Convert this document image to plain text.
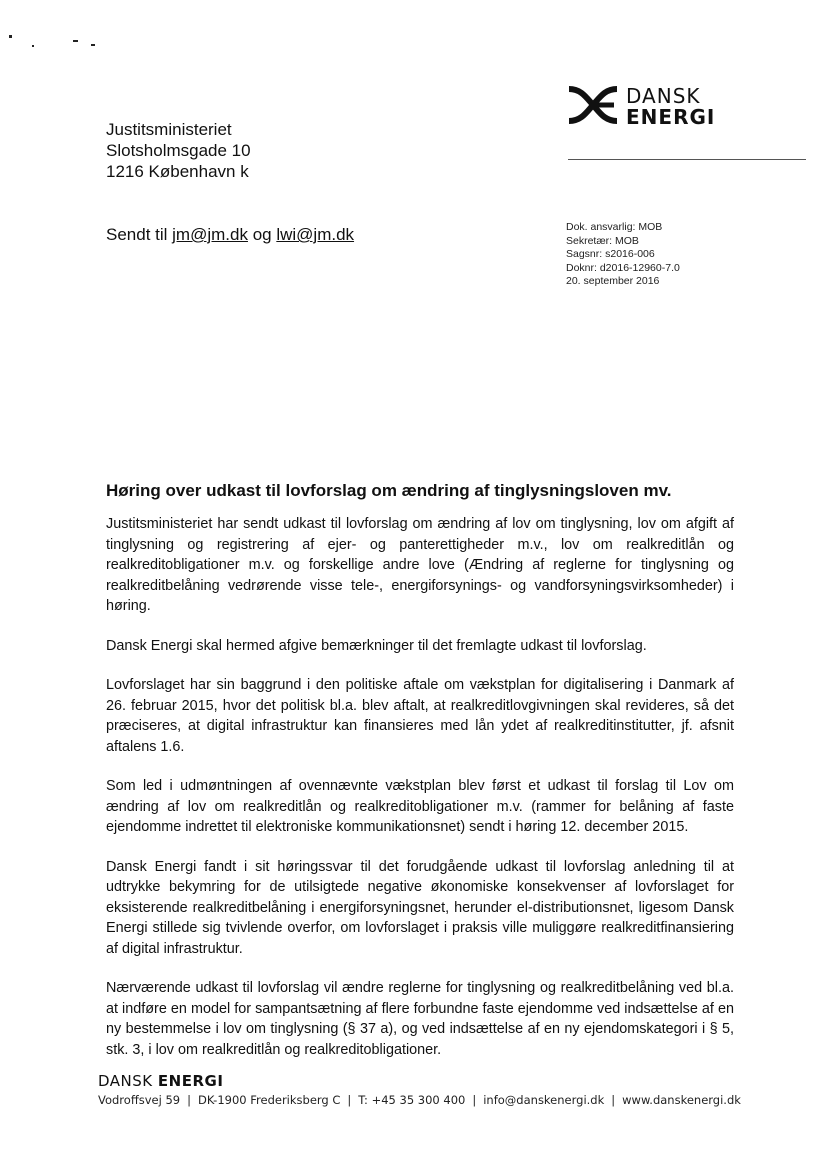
Justitsministeriet
Slotsholmsgade 10
1216 København k
Sendt til jm@jm.dk og lwi@jm.dk
DANSK
ENERGI
Dok. ansvarlig: MOB
Sekretær: MOB
Sagsnr: s2016-006
Doknr: d2016-12960-7.0
20. september 2016
Høring over udkast til lovforslag om ændring af tinglysningsloven mv.

Justitsministeriet har sendt udkast til lovforslag om ændring af lov om tinglysning, lov om afgift af tinglysning og registrering af ejer- og panterettigheder m.v., lov om realkreditlån og realkreditobligationer m.v. og forskellige andre love (Ændring af reglerne for tinglysning og realkreditbelåning vedrørende visse tele-, energiforsynings- og vandforsyningsvirksomheder) i høring.

Dansk Energi skal hermed afgive bemærkninger til det fremlagte udkast til lovforslag.

Lovforslaget har sin baggrund i den politiske aftale om vækstplan for digitalisering i Danmark af 26. februar 2015, hvor det politisk bl.a. blev aftalt, at realkreditlovgivningen skal revideres, så det præciseres, at digital infrastruktur kan finansieres med lån ydet af realkreditinstitutter, jf. afsnit aftalens 1.6.

Som led i udmøntningen af ovennævnte vækstplan blev først et udkast til forslag til Lov om ændring af lov om realkreditlån og realkreditobligationer m.v. (rammer for belåning af faste ejendomme indrettet til elektroniske kommunikationsnet) sendt i høring 12. december 2015.

Dansk Energi fandt i sit høringssvar til det forudgående udkast til lovforslag anledning til at udtrykke bekymring for de utilsigtede negative økonomiske konsekvenser af lovforslaget for eksisterende realkreditbelåning i energiforsyningsnet, herunder el-distributionsnet, ligesom Dansk Energi stillede sig tvivlende overfor, om lovforslaget i praksis ville muliggøre realkreditfinansiering af digital infrastruktur.

Nærværende udkast til lovforslag vil ændre reglerne for tinglysning og realkreditbelåning ved bl.a. at indføre en model for sampantsætning af flere forbundne faste ejendomme ved indsættelse af en ny bestemmelse i lov om tinglysning (§ 37 a), og ved indsættelse af en ny ejendomskategori i § 5, stk. 3, i lov om realkreditlån og realkreditobligationer.

DANSK ENERGI
Vodroffsvej 59 | DK-1900 Frederiksberg C | T: +45 35 300 400 | info@danskenergi.dk | www.danskenergi.dk
